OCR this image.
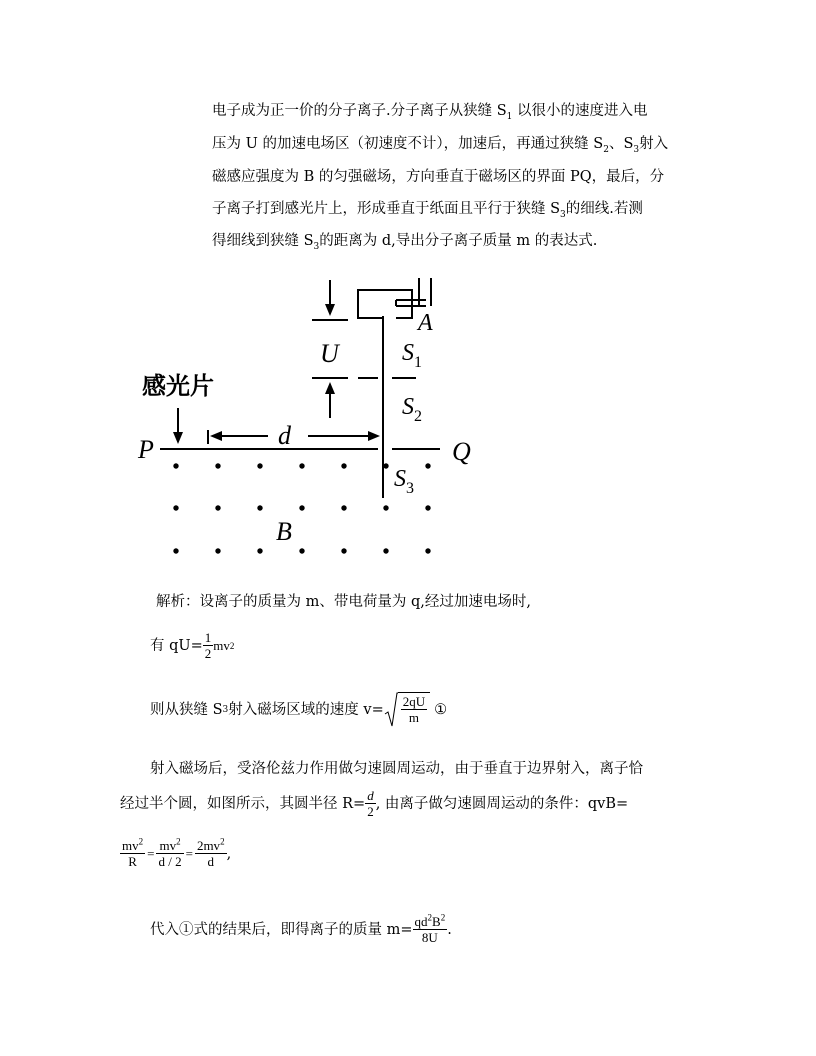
电子成为正一价的分子离子.分子离子从狭缝 $S_1$ 以很小的速度进入电
压为 U 的加速电场区（初速度不计），加速后，再通过狭缝 $S_2$、$S_3$射入
磁感应强度为 B 的匀强磁场，方向垂直于磁场区的界面 PQ，最后，分
子离子打到感光片上，形成垂直于纸面且平行于狭缝 $S_3$的细线.若测
得细线到狭缝 $S_3$的距离为 d,导出分子离子质量 m 的表达式.
感光片
P	Q
A
U
d
B
$S_1$
$S_2$
$S_3$
解析：设离子的质量为 m、带电荷量为 q,经过加速电场时,
有 $qU= \frac{1}{2}$ mv 2
则从狭缝 S 3 射入磁场区域的速度 $v= \frac{2qU}{m}$ ①
射入磁场后，受洛伦兹力作用做匀速圆周运动，由于垂直于边界射入，离子恰
经过半个圆，如图所示，其圆半径 $R= \frac{d}{2}$ , 由离子做匀速圆周运动的条件：qvB=
$\frac{mv^2}{R} = \frac{mv^2}{d / 2} = \frac{2mv^2}{d}$ ,
代入①式的结果后，即得离子的质量 $m= \frac{qd^2B^2}{8U}$ .
